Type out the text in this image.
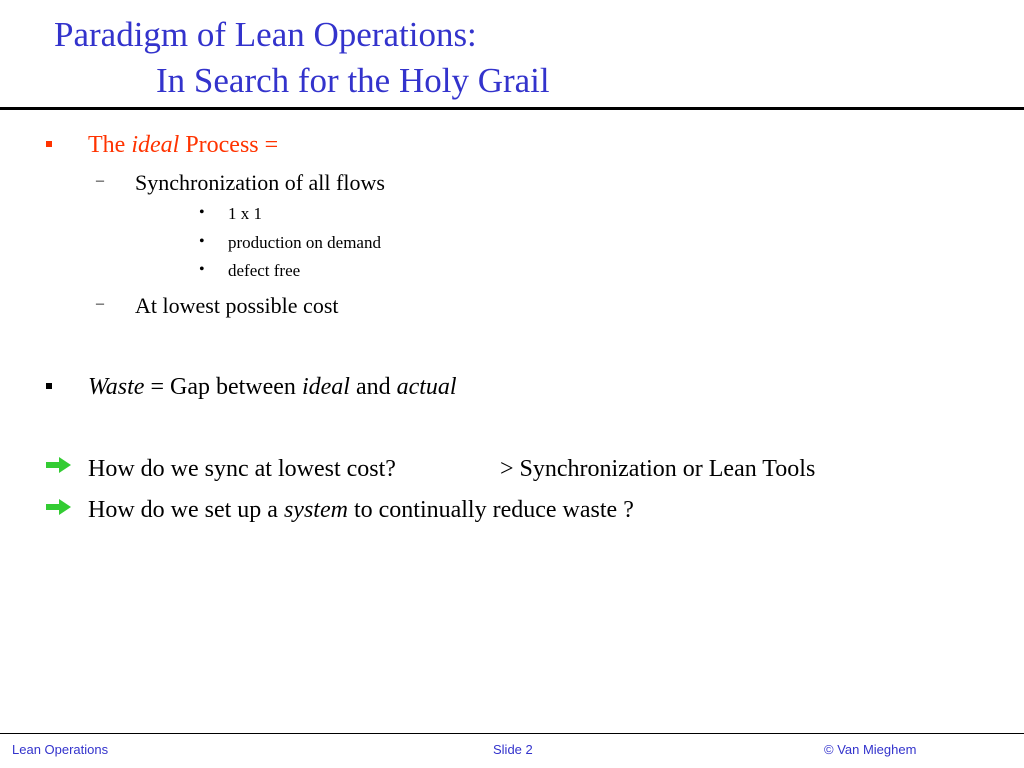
Paradigm of Lean Operations:
In Search for the Holy Grail
The ideal Process =
– Synchronization of all flows
• 1 x 1
• production on demand
• defect free
– At lowest possible cost
Waste = Gap between ideal and actual
How do we sync at lowest cost?	> Synchronization or Lean Tools
How do we set up a system to continually reduce waste ?
Lean Operations	Slide 2	© Van Mieghem
